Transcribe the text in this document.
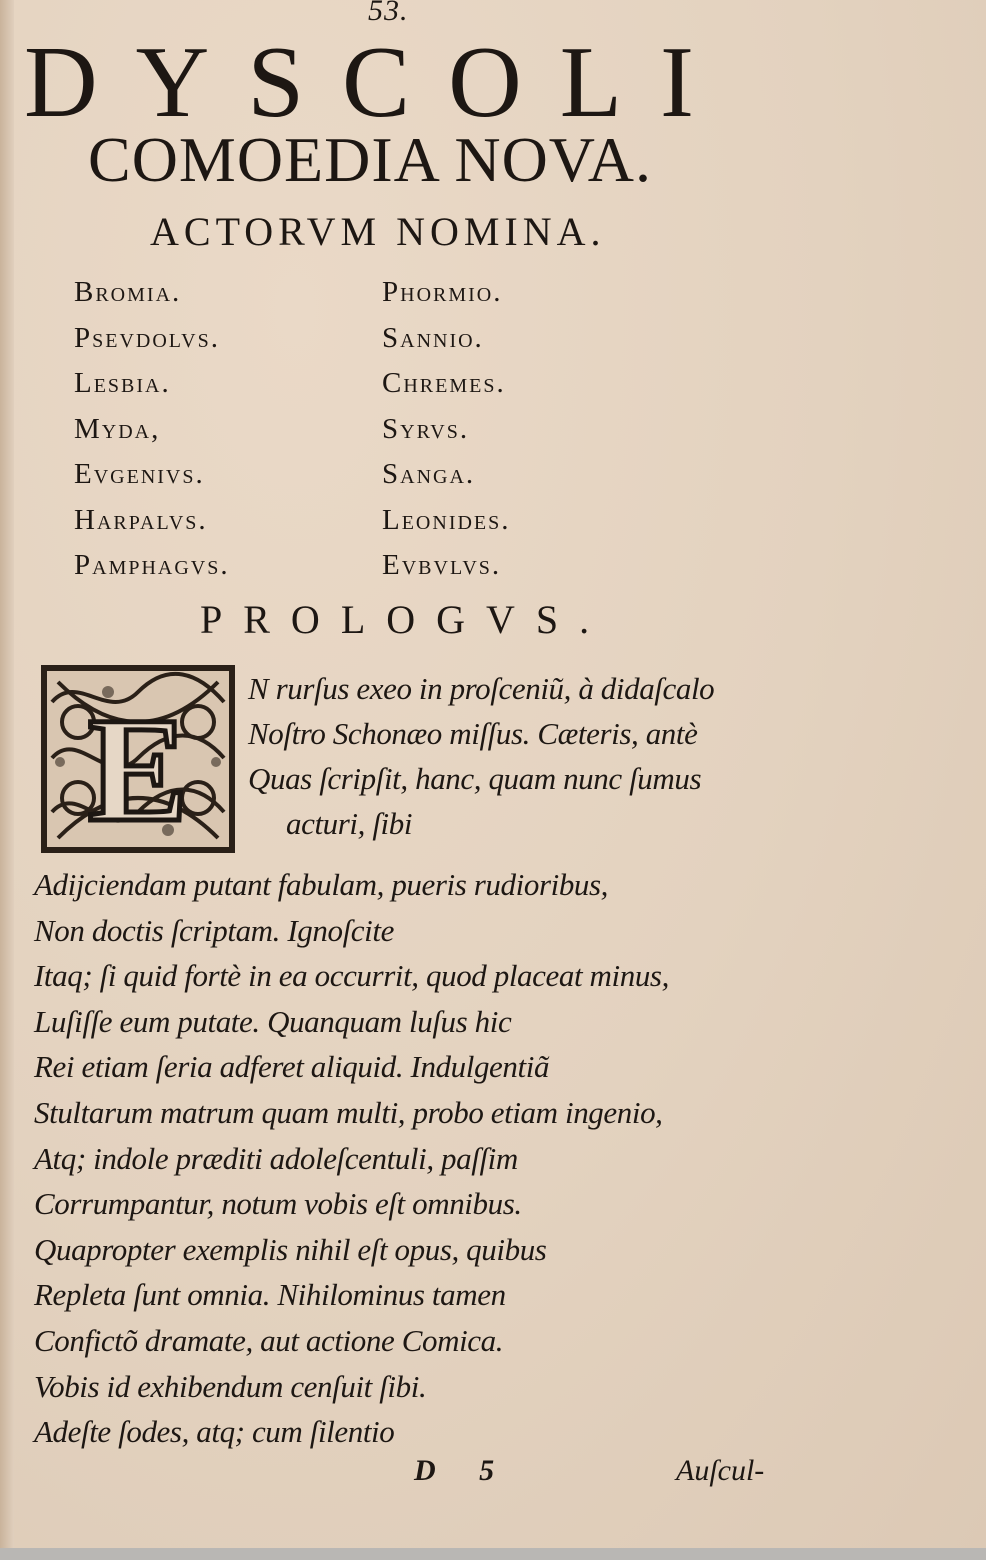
53.
DYSCOLI
COMOEDIA NOVA.
ACTORVM NOMINA.
Bromia.
Psevdolvs.
Lesbia.
Myda,
Evgenivs.
Harpalvs.
Pamphagvs.
Phormio.
Sannio.
Chremes.
Syrvs.
Sanga.
Leonides.
Evbvlvs.
PROLOGVS.
E N rurſus exeo in proſceniũ, à didaſcalo
Noſtro Schonæo miſſus. Cæteris, antè
Quas ſcripſit, hanc, quam nunc ſumus
acturi, ſibi
Adijciendam putant fabulam, pueris rudioribus,
Non doctis ſcriptam. Ignoſcite
Itaq; ſi quid fortè in ea occurrit, quod placeat minus,
Luſiſſe eum putate. Quanquam luſus hic
Rei etiam ſeria adferet aliquid. Indulgentiã
Stultarum matrum quam multi, probo etiam ingenio,
Atq; indole præditi adoleſcentuli, paſſim
Corrumpantur, notum vobis eſt omnibus.
Quapropter exemplis nihil eſt opus, quibus
Repleta ſunt omnia. Nihilominus tamen
Confictõ dramate, aut actione Comica.
Vobis id exhibendum cenſuit ſibi.
Adeſte ſodes, atq; cum ſilentio
D 5	Auſcul-
